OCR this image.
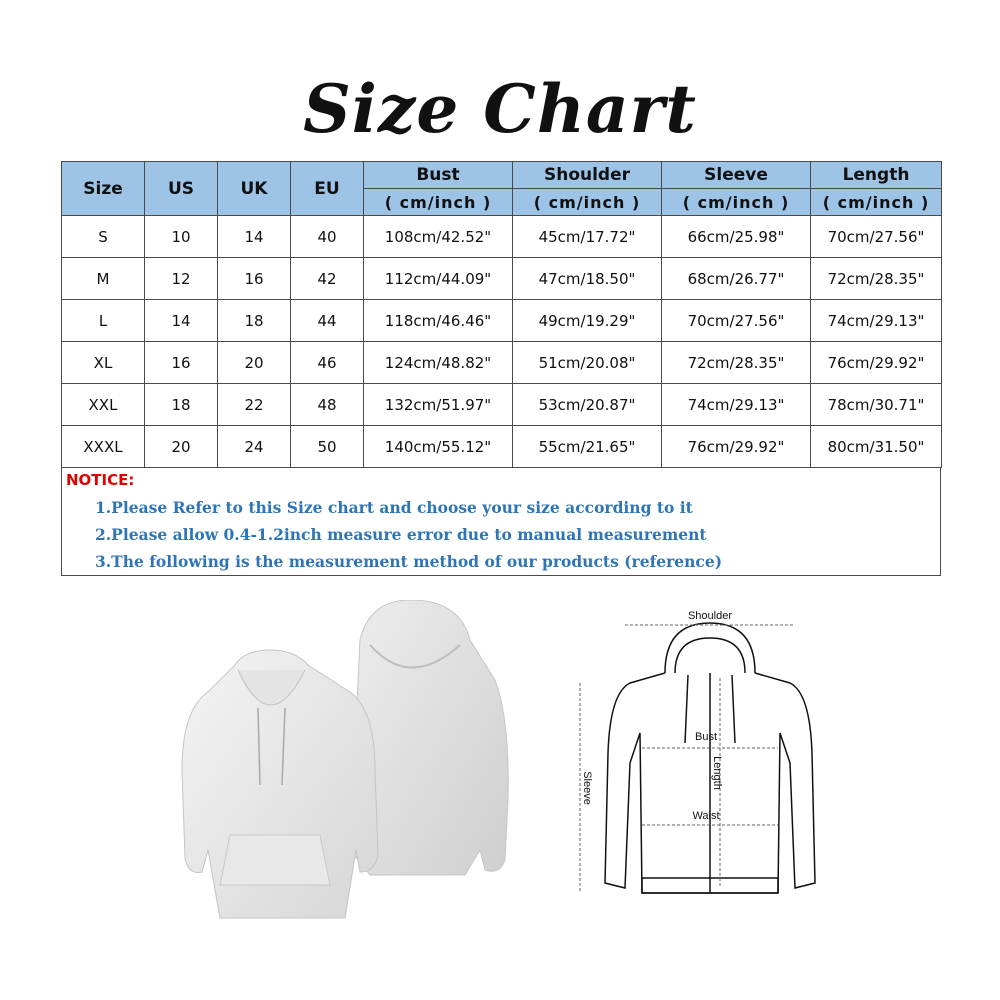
Size Chart
Size	US	UK	EU	Bust	Shoulder	Sleeve	Length
				( cm/inch )	( cm/inch )	( cm/inch )	( cm/inch )
S	10	14	40	108cm/42.52"	45cm/17.72"	66cm/25.98"	70cm/27.56"
M	12	16	42	112cm/44.09"	47cm/18.50"	68cm/26.77"	72cm/28.35"
L	14	18	44	118cm/46.46"	49cm/19.29"	70cm/27.56"	74cm/29.13"
XL	16	20	46	124cm/48.82"	51cm/20.08"	72cm/28.35"	76cm/29.92"
XXL	18	22	48	132cm/51.97"	53cm/20.87"	74cm/29.13"	78cm/30.71"
XXXL	20	24	50	140cm/55.12"	55cm/21.65"	76cm/29.92"	80cm/31.50"
NOTICE:
1.Please Refer to this Size chart and choose your size according to it
2.Please allow 0.4-1.2inch measure error due to manual measurement
3.The following is the measurement method of our products (reference)
Shoulder
Bust
Waist
Length
Sleeve
